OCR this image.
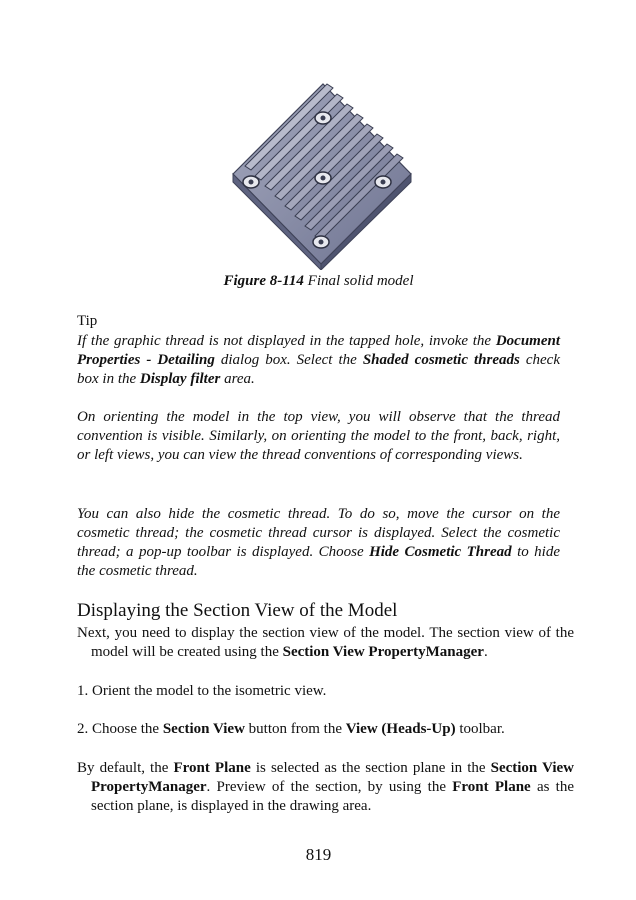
Figure 8-114 Final solid model
Tip

If the graphic thread is not displayed in the tapped hole, invoke the Document Properties - Detailing dialog box. Select the Shaded cosmetic threads check box in the Display filter area.

On orienting the model in the top view, you will observe that the thread convention is visible. Similarly, on orienting the model to the front, back, right, or left views, you can view the thread conventions of corresponding views.

You can also hide the cosmetic thread. To do so, move the cursor on the cosmetic thread; the cosmetic thread cursor is displayed. Select the cosmetic thread; a pop-up toolbar is displayed. Choose Hide Cosmetic Thread to hide the cosmetic thread.

Displaying the Section View of the Model

Next, you need to display the section view of the model. The section view of the model will be created using the Section View PropertyManager.

1. Orient the model to the isometric view.

2. Choose the Section View button from the View (Heads-Up) toolbar.

By default, the Front Plane is selected as the section plane in the Section View PropertyManager. Preview of the section, by using the Front Plane as the section plane, is displayed in the drawing area.

819
